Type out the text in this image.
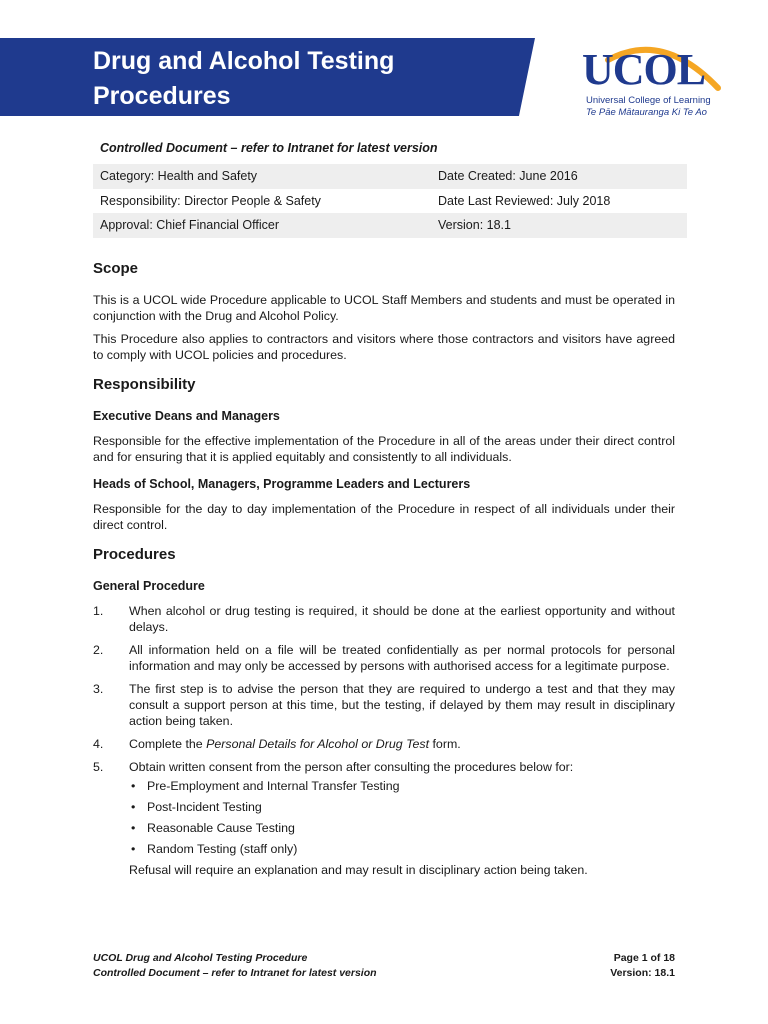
Drug and Alcohol Testing
Procedures
UCOL
Universal College of Learning
Te Pāe Mātauranga Ki Te Ao
Controlled Document – refer to Intranet for latest version
Category: Health and Safety	Date Created: June 2016
Responsibility: Director People & Safety	Date Last Reviewed: July 2018
Approval: Chief Financial Officer	Version: 18.1
Scope

This is a UCOL wide Procedure applicable to UCOL Staff Members and students and must be operated in conjunction with the Drug and Alcohol Policy.

This Procedure also applies to contractors and visitors where those contractors and visitors have agreed to comply with UCOL policies and procedures.

Responsibility
Executive Deans and Managers

Responsible for the effective implementation of the Procedure in all of the areas under their direct control and for ensuring that it is applied equitably and consistently to all individuals.

Heads of School, Managers, Programme Leaders and Lecturers

Responsible for the day to day implementation of the Procedure in respect of all individuals under their direct control.

Procedures
General Procedure
1. When alcohol or drug testing is required, it should be done at the earliest opportunity and without delays.
2. All information held on a file will be treated confidentially as per normal protocols for personal information and may only be accessed by persons with authorised access for a legitimate purpose.
3. The first step is to advise the person that they are required to undergo a test and that they may consult a support person at this time, but the testing, if delayed by them may result in disciplinary action being taken.
4. Complete the Personal Details for Alcohol or Drug Test form.
5. Obtain written consent from the person after consulting the procedures below for:
• Pre-Employment and Internal Transfer Testing
• Post-Incident Testing
• Reasonable Cause Testing
• Random Testing (staff only)
Refusal will require an explanation and may result in disciplinary action being taken.
UCOL Drug and Alcohol Testing Procedure	Page 1 of 18
Controlled Document – refer to Intranet for latest version	Version: 18.1
